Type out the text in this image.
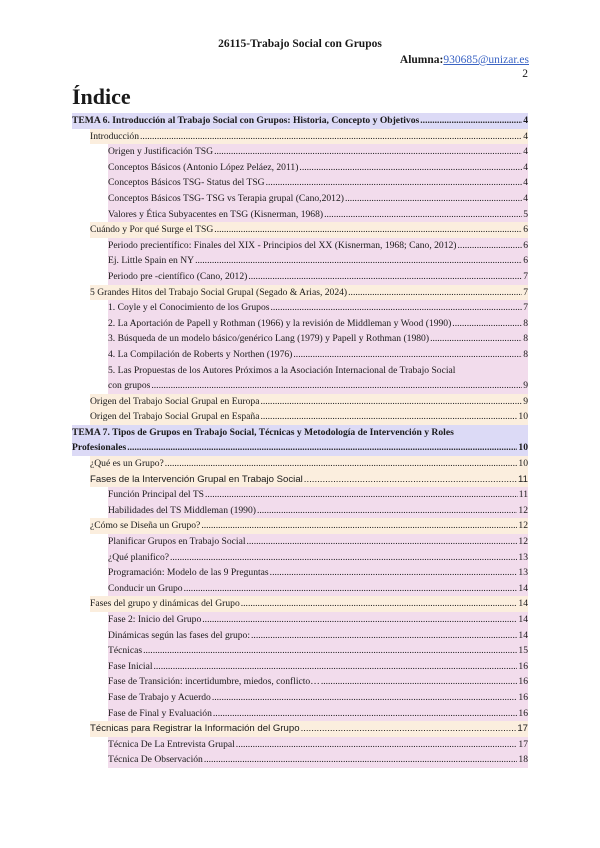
26115-Trabajo Social con Grupos
Alumna:930685@unizar.es
2
Índice
TEMA 6. Introducción al Trabajo Social con Grupos: Historia, Concepto y Objetivos .....	4
Introducción .....	4
Origen y Justificación TSG .....	4
Conceptos Básicos (Antonio López Peláez, 2011) .....	4
Conceptos Básicos TSG- Status del TSG .....	4
Conceptos Básicos TSG- TSG vs Terapia grupal (Cano,2012) .....	4
Valores y Ética Subyacentes en TSG (Kisnerman, 1968) .....	5
Cuándo y Por qué Surge el TSG .....	6
Periodo precientífico: Finales del XIX - Principios del XX (Kisnerman, 1968; Cano, 2012) .....	6
Ej. Little Spain en NY .....	6
Periodo pre -científico (Cano, 2012) .....	7
5 Grandes Hitos del Trabajo Social Grupal (Segado & Arias, 2024) .....	7
1. Coyle y el Conocimiento de los Grupos .....	7
2. La Aportación de Papell y Rothman (1966) y la revisión de Middleman y Wood (1990) .....	8
3. Búsqueda de un modelo básico/genérico Lang (1979) y Papell y Rothman (1980) .....	8
4. La Compilación de Roberts y Northen (1976) .....	8
5. Las Propuestas de los Autores Próximos a la Asociación Internacional de Trabajo Social
con grupos .....	9
Origen del Trabajo Social Grupal en Europa .....	9
Origen del Trabajo Social Grupal en España .....	10
TEMA 7. Tipos de Grupos en Trabajo Social, Técnicas y Metodología de Intervención y Roles
Profesionales .....	10
¿Qué es un Grupo? .....	10
Fases de la Intervención Grupal en Trabajo Social .....	11
Función Principal del TS .....	11
Habilidades del TS Middleman (1990) .....	12
¿Cómo se Diseña un Grupo? .....	12
Planificar Grupos en Trabajo Social .....	12
¿Qué planifico? .....	13
Programación: Modelo de las 9 Preguntas .....	13
Conducir un Grupo .....	14
Fases del grupo y dinámicas del Grupo .....	14
Fase 2: Inicio del Grupo .....	14
Dinámicas según las fases del grupo: .....	14
Técnicas .....	15
Fase Inicial .....	16
Fase de Transición: incertidumbre, miedos, conflicto… .....	16
Fase de Trabajo y Acuerdo .....	16
Fase de Final y Evaluación .....	16
Técnicas para Registrar la Información del Grupo .....	17
Técnica De La Entrevista Grupal .....	17
Técnica De Observación .....	18
